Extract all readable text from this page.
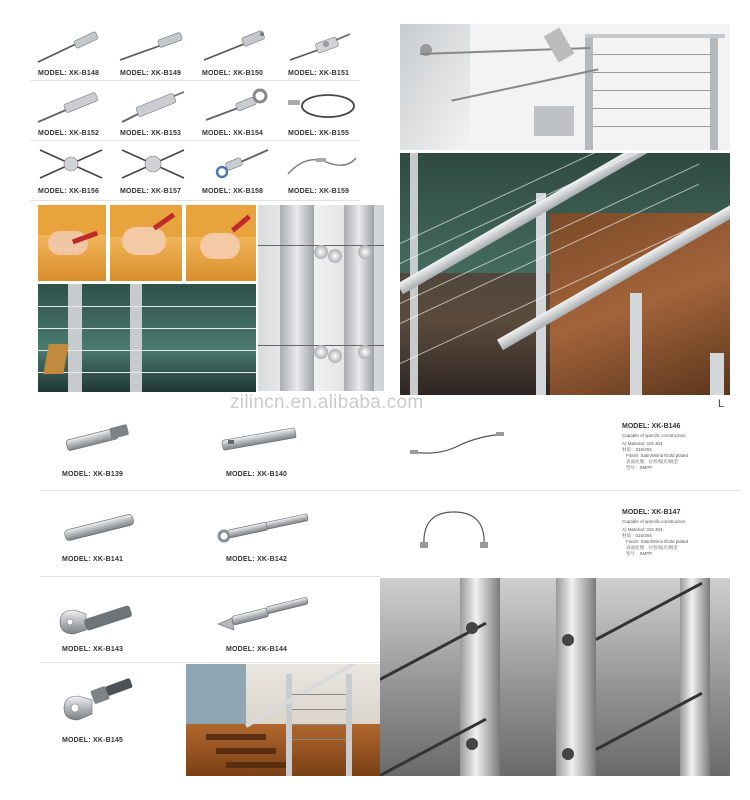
MODEL: XK-B148	MODEL: XK-B149	MODEL: XK-B150	MODEL: XK-B151
MODEL: XK-B152	MODEL: XK-B153	MODEL: XK-B154	MODEL: XK-B155
MODEL: XK-B156	MODEL: XK-B157	MODEL: XK-B158	MODEL: XK-B159
zilincn.en.alibaba.com	L
MODEL: XK-B139	MODEL: XK-B140
MODEL: XK-B146
Capable of specific construction
A) Material: 316 304
材质：316/304
Finish: Satin/Mirror/Gold plated
表面处理：拉丝/镜光/镀金
型号：SMPP
MODEL: XK-B141	MODEL: XK-B142
MODEL: XK-B147
Capable of specific construction
A) Material: 316 304
材质：316/304
Finish: Satin/Mirror/Gold plated
表面处理：拉丝/镜光/镀金
型号：SMPP
MODEL: XK-B143	MODEL: XK-B144
MODEL: XK-B145
